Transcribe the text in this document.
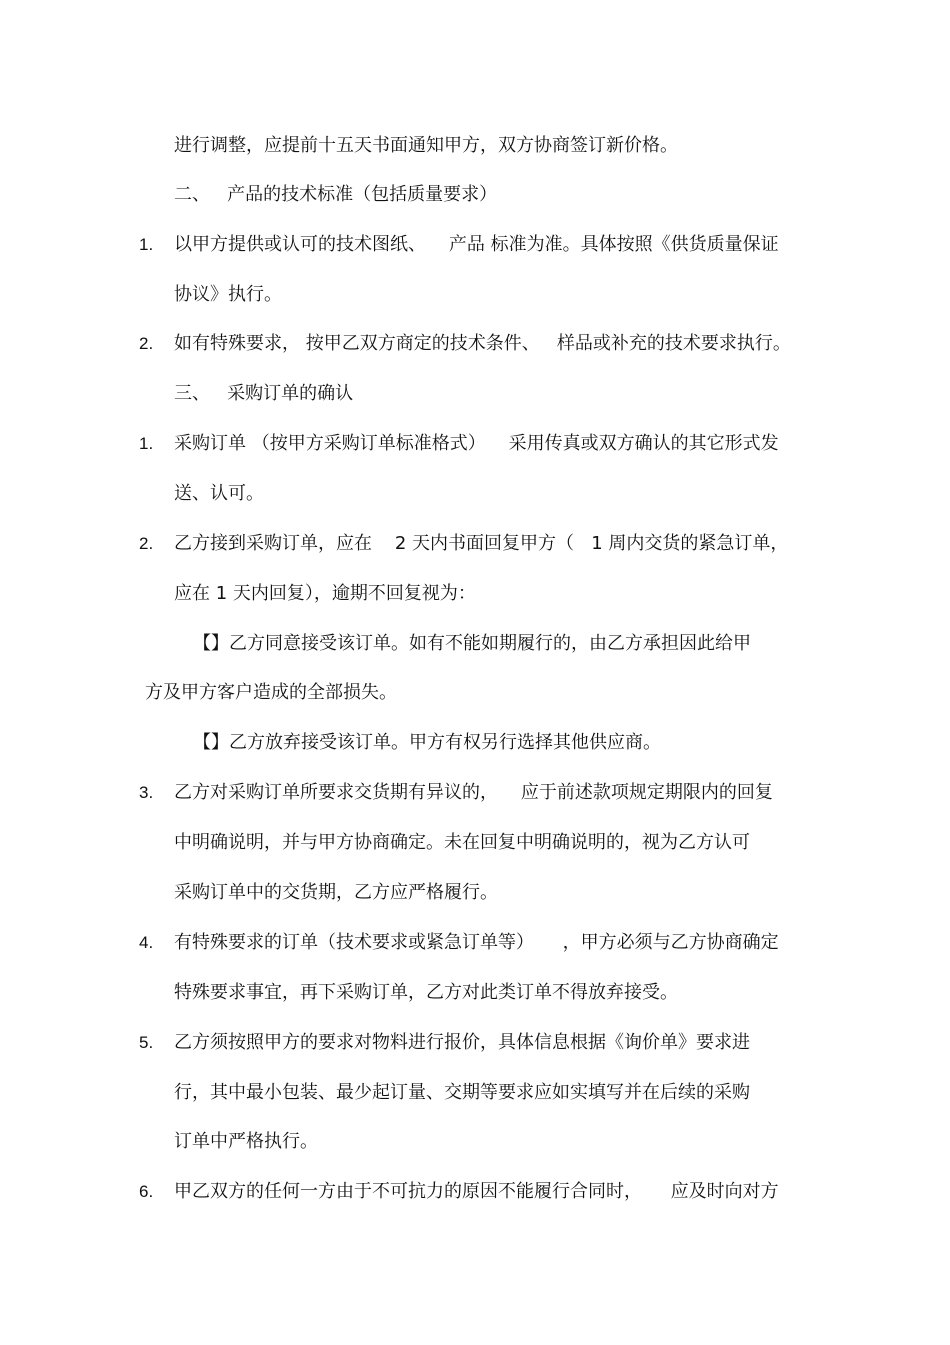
进行调整，应提前十五天书面通知甲方，双方协商签订新价格。
二、   产品的技术标准（包括质量要求）
1. 以甲方提供或认可的技术图纸、    产品 标准为准。具体按照《供货质量保证
协议》执行。
2. 如有特殊要求， 按甲乙双方商定的技术条件、   样品或补充的技术要求执行。
三、   采购订单的确认
1. 采购订单 （按甲方采购订单标准格式）    采用传真或双方确认的其它形式发
送、认可。
2. 乙方接到采购订单，应在    2 天内书面回复甲方（   1 周内交货的紧急订单，
应在 1 天内回复），逾期不回复视为：
【】乙方同意接受该订单。如有不能如期履行的，由乙方承担因此给甲
方及甲方客户造成的全部损失。
【】乙方放弃接受该订单。甲方有权另行选择其他供应商。
3. 乙方对采购订单所要求交货期有异议的，    应于前述款项规定期限内的回复
中明确说明，并与甲方协商确定。未在回复中明确说明的，视为乙方认可
采购订单中的交货期，乙方应严格履行。
4. 有特殊要求的订单（技术要求或紧急订单等）     ，甲方必须与乙方协商确定
特殊要求事宜，再下采购订单，乙方对此类订单不得放弃接受。
5. 乙方须按照甲方的要求对物料进行报价，具体信息根据《询价单》要求进
行，其中最小包装、最少起订量、交期等要求应如实填写并在后续的采购
订单中严格执行。
6. 甲乙双方的任何一方由于不可抗力的原因不能履行合同时，     应及时向对方
